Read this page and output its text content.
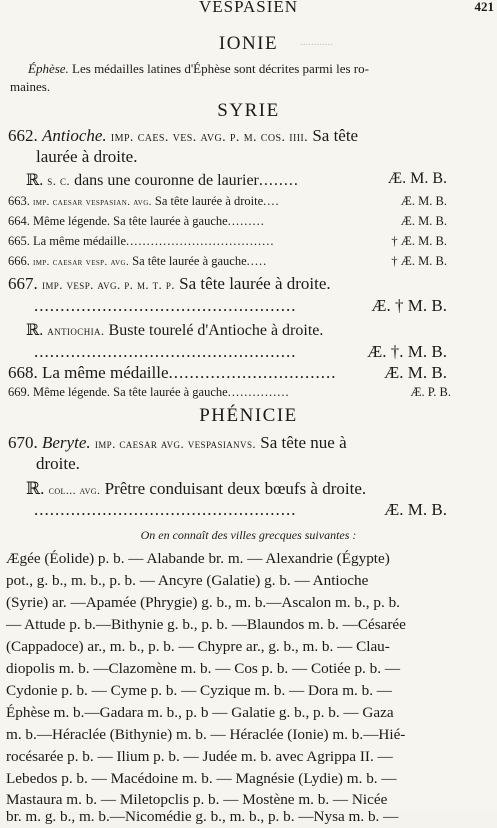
VESPASIEN	421
............
IONIE
Éphèse. Les médailles latines d'Éphèse sont décrites parmi les ro-
maines.
SYRIE
662. Antioche. imp. caes. ves. avg. p. m. cos. iiii. Sa tête
laurée à droite.
ℝ. s. c. dans une couronne de laurier........	Æ. M. B.
663. imp. caesar vespasian. avg. Sa tête laurée à droite....	Æ. M. B.
664. Même légende. Sa tête laurée à gauche.........	Æ. M. B.
665. La même médaille....................................	† Æ. M. B.
666. imp. caesar vesp. avg. Sa tête laurée à gauche.....	† Æ. M. B.
667. imp. vesp. avg. p. m. t. p. Sa tête laurée à droite.
..................................................	Æ. † M. B.
ℝ. antiochia. Buste tourelé d'Antioche à droite.
..................................................	Æ. †. M. B.
668. La même médaille................................	Æ. M. B.
669. Même légende. Sa tête laurée à gauche...............	Æ. P. B.
PHÉNICIE
670. Beryte. imp. caesar avg. vespasianvs. Sa tête nue à
droite.
ℝ. col... avg. Prêtre conduisant deux bœufs à droite.
..................................................	Æ. M. B.
On en connaît des villes grecques suivantes :
Ægée (Éolide) p. b. — Alabande br. m. — Alexandrie (Égypte)
pot., g. b., m. b., p. b. — Ancyre (Galatie) g. b. — Antioche
(Syrie) ar. —Apamée (Phrygie) g. b., m. b.—Ascalon m. b., p. b.
— Attude p. b.—Bithynie g. b., p. b. —Blaundos m. b. —Césarée
(Cappadoce) ar., m. b., p. b. — Chypre ar., g. b., m. b. — Clau-
diopolis m. b. —Clazomène m. b. — Cos p. b. — Cotiée p. b. —
Cydonie p. b. — Cyme p. b. — Cyzique m. b. — Dora m. b. —
Éphèse m. b.—Gadara m. b., p. b — Galatie g. b., p. b. — Gaza
m. b.—Héraclée (Bithynie) m. b. — Héraclée (Ionie) m. b.—Hié-
rocésarée p. b. — Ilium p. b. — Judée m. b. avec Agrippa II. —
Lebedos p. b. — Macédoine m. b. — Magnésie (Lydie) m. b. —
Mastaura m. b. — Miletopclis p. b. — Mostène m. b. — Nicée
br. m. g. b., m. b.—Nicomédie g. b., m. b., p. b. —Nysa m. b. —
